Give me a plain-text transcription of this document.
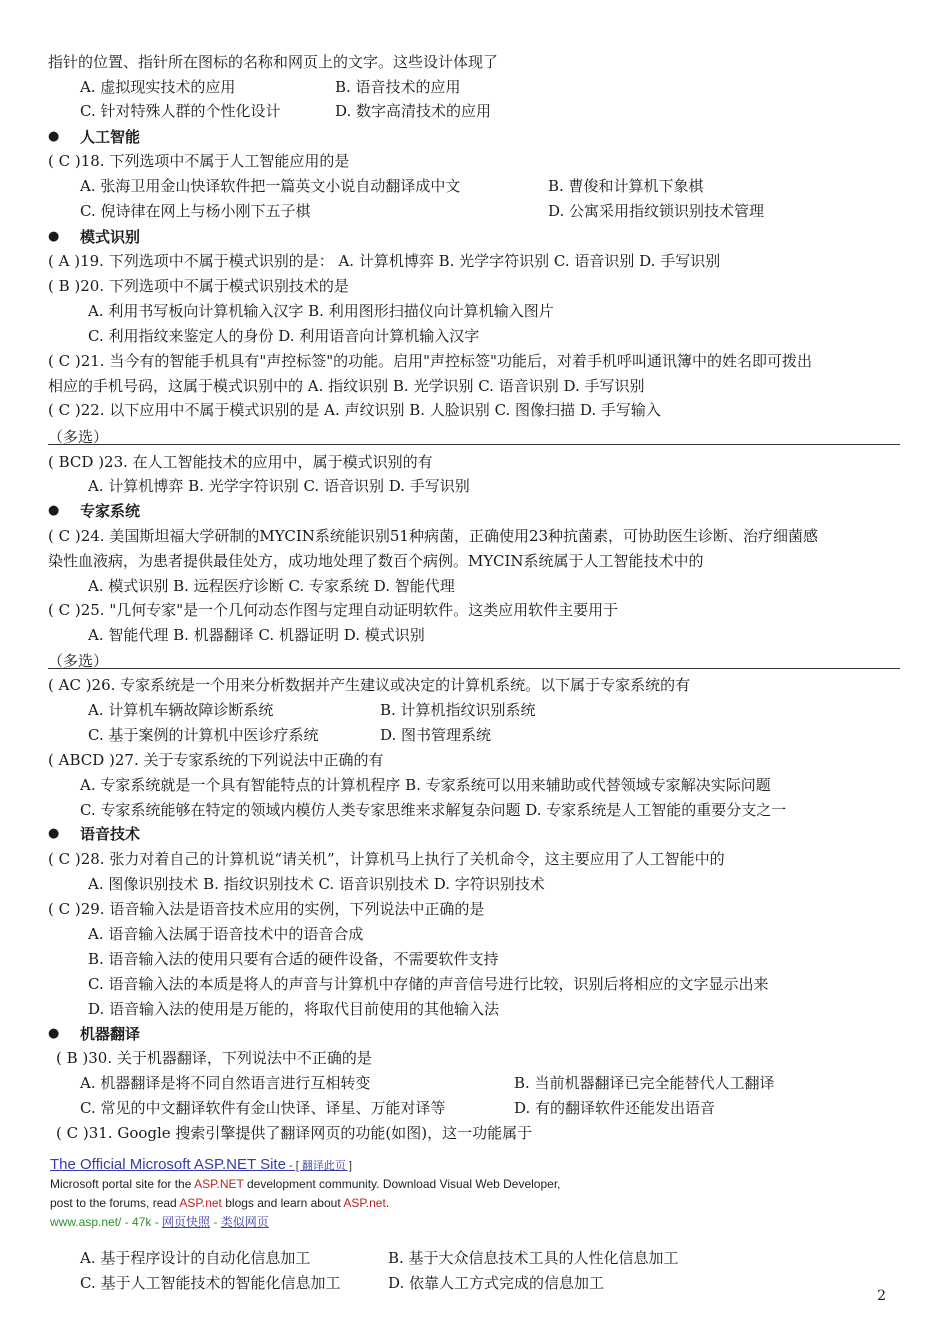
指针的位置、指针所在图标的名称和网页上的文字。这些设计体现了
A. 虚拟现实技术的应用	B. 语音技术的应用
C. 针对特殊人群的个性化设计	D. 数字高清技术的应用
( C )18. 下列选项中不属于人工智能应用的是
A. 张海卫用金山快译软件把一篇英文小说自动翻译成中文	B. 曹俊和计算机下象棋
C. 倪诗律在网上与杨小刚下五子棋	D. 公寓采用指纹锁识别技术管理
( A )19. 下列选项中不属于模式识别的是： A. 计算机博弈 B. 光学字符识别 C. 语音识别 D. 手写识别
( B )20. 下列选项中不属于模式识别技术的是
A. 利用书写板向计算机输入汉字 B. 利用图形扫描仪向计算机输入图片
C. 利用指纹来鉴定人的身份 D. 利用语音向计算机输入汉字
( C )21. 当今有的智能手机具有"声控标签"的功能。启用"声控标签"功能后，对着手机呼叫通讯簿中的姓名即可拨出
相应的手机号码，这属于模式识别中的 A. 指纹识别 B. 光学识别 C. 语音识别 D. 手写识别
( C )22. 以下应用中不属于模式识别的是 A. 声纹识别 B. 人脸识别 C. 图像扫描 D. 手写输入
（多选）
( BCD )23. 在人工智能技术的应用中，属于模式识别的有
A. 计算机博弈 B. 光学字符识别 C. 语音识别 D. 手写识别
( C )24. 美国斯坦福大学研制的MYCIN系统能识别51种病菌，正确使用23种抗菌素，可协助医生诊断、治疗细菌感
染性血液病，为患者提供最佳处方，成功地处理了数百个病例。MYCIN系统属于人工智能技术中的
A. 模式识别 B. 远程医疗诊断 C. 专家系统 D. 智能代理
( C )25. "几何专家"是一个几何动态作图与定理自动证明软件。这类应用软件主要用于
A. 智能代理 B. 机器翻译 C. 机器证明 D. 模式识别
（多选）
( AC )26. 专家系统是一个用来分析数据并产生建议或决定的计算机系统。以下属于专家系统的有
A. 计算机车辆故障诊断系统	B. 计算机指纹识别系统
C. 基于案例的计算机中医诊疗系统	D. 图书管理系统
( ABCD )27. 关于专家系统的下列说法中正确的有
A. 专家系统就是一个具有智能特点的计算机程序 B. 专家系统可以用来辅助或代替领域专家解决实际问题
C. 专家系统能够在特定的领域内模仿人类专家思维来求解复杂问题 D. 专家系统是人工智能的重要分支之一
( C )28. 张力对着自己的计算机说“请关机”，计算机马上执行了关机命令，这主要应用了人工智能中的
A. 图像识别技术 B. 指纹识别技术 C. 语音识别技术 D. 字符识别技术
( C )29. 语音输入法是语音技术应用的实例，下列说法中正确的是
A. 语音输入法属于语音技术中的语音合成
B. 语音输入法的使用只要有合适的硬件设备，不需要软件支持
C. 语音输入法的本质是将人的声音与计算机中存储的声音信号进行比较，识别后将相应的文字显示出来
D. 语音输入法的使用是万能的，将取代目前使用的其他输入法
( B )30. 关于机器翻译，下列说法中不正确的是
A. 机器翻译是将不同自然语言进行互相转变	B. 当前机器翻译已完全能替代人工翻译
C. 常见的中文翻译软件有金山快译、译星、万能对译等	D. 有的翻译软件还能发出语音
( C )31. Google 搜索引擎提供了翻译网页的功能(如图)，这一功能属于
A. 基于程序设计的自动化信息加工	B. 基于大众信息技术工具的人性化信息加工
C. 基于人工智能技术的智能化信息加工	D. 依靠人工方式完成的信息加工
● 人工智能
● 模式识别
● 专家系统
● 语音技术
● 机器翻译
The Official Microsoft ASP.NET Site - [ 翻译此页 ]
Microsoft portal site for the ASP.NET development community. Download Visual Web Developer,
post to the forums, read ASP.net blogs and learn about ASP.net.
www.asp.net/ - 47k - 网页快照 - 类似网页
2
